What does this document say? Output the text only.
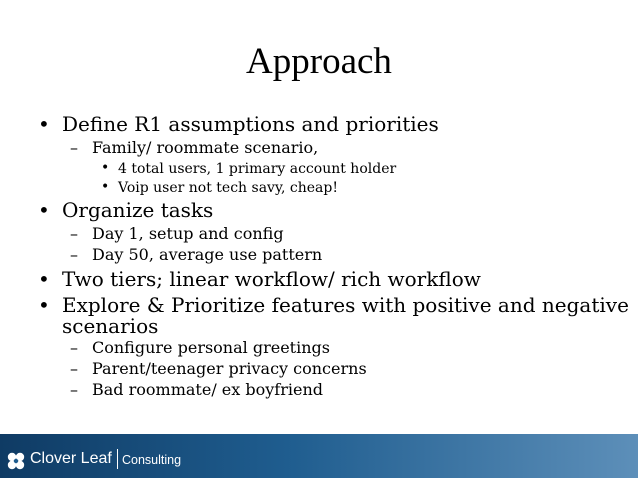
Approach
• Define R1 assumptions and priorities
– Family/ roommate scenario,
• 4 total users, 1 primary account holder
• Voip user not tech savy, cheap!
• Organize tasks
– Day 1, setup and config
– Day 50, average use pattern
• Two tiers; linear workflow/ rich workflow
• Explore & Prioritize features with positive and negative
scenarios
– Configure personal greetings
– Parent/teenager privacy concerns
– Bad roommate/ ex boyfriend
Clover Leaf Consulting
